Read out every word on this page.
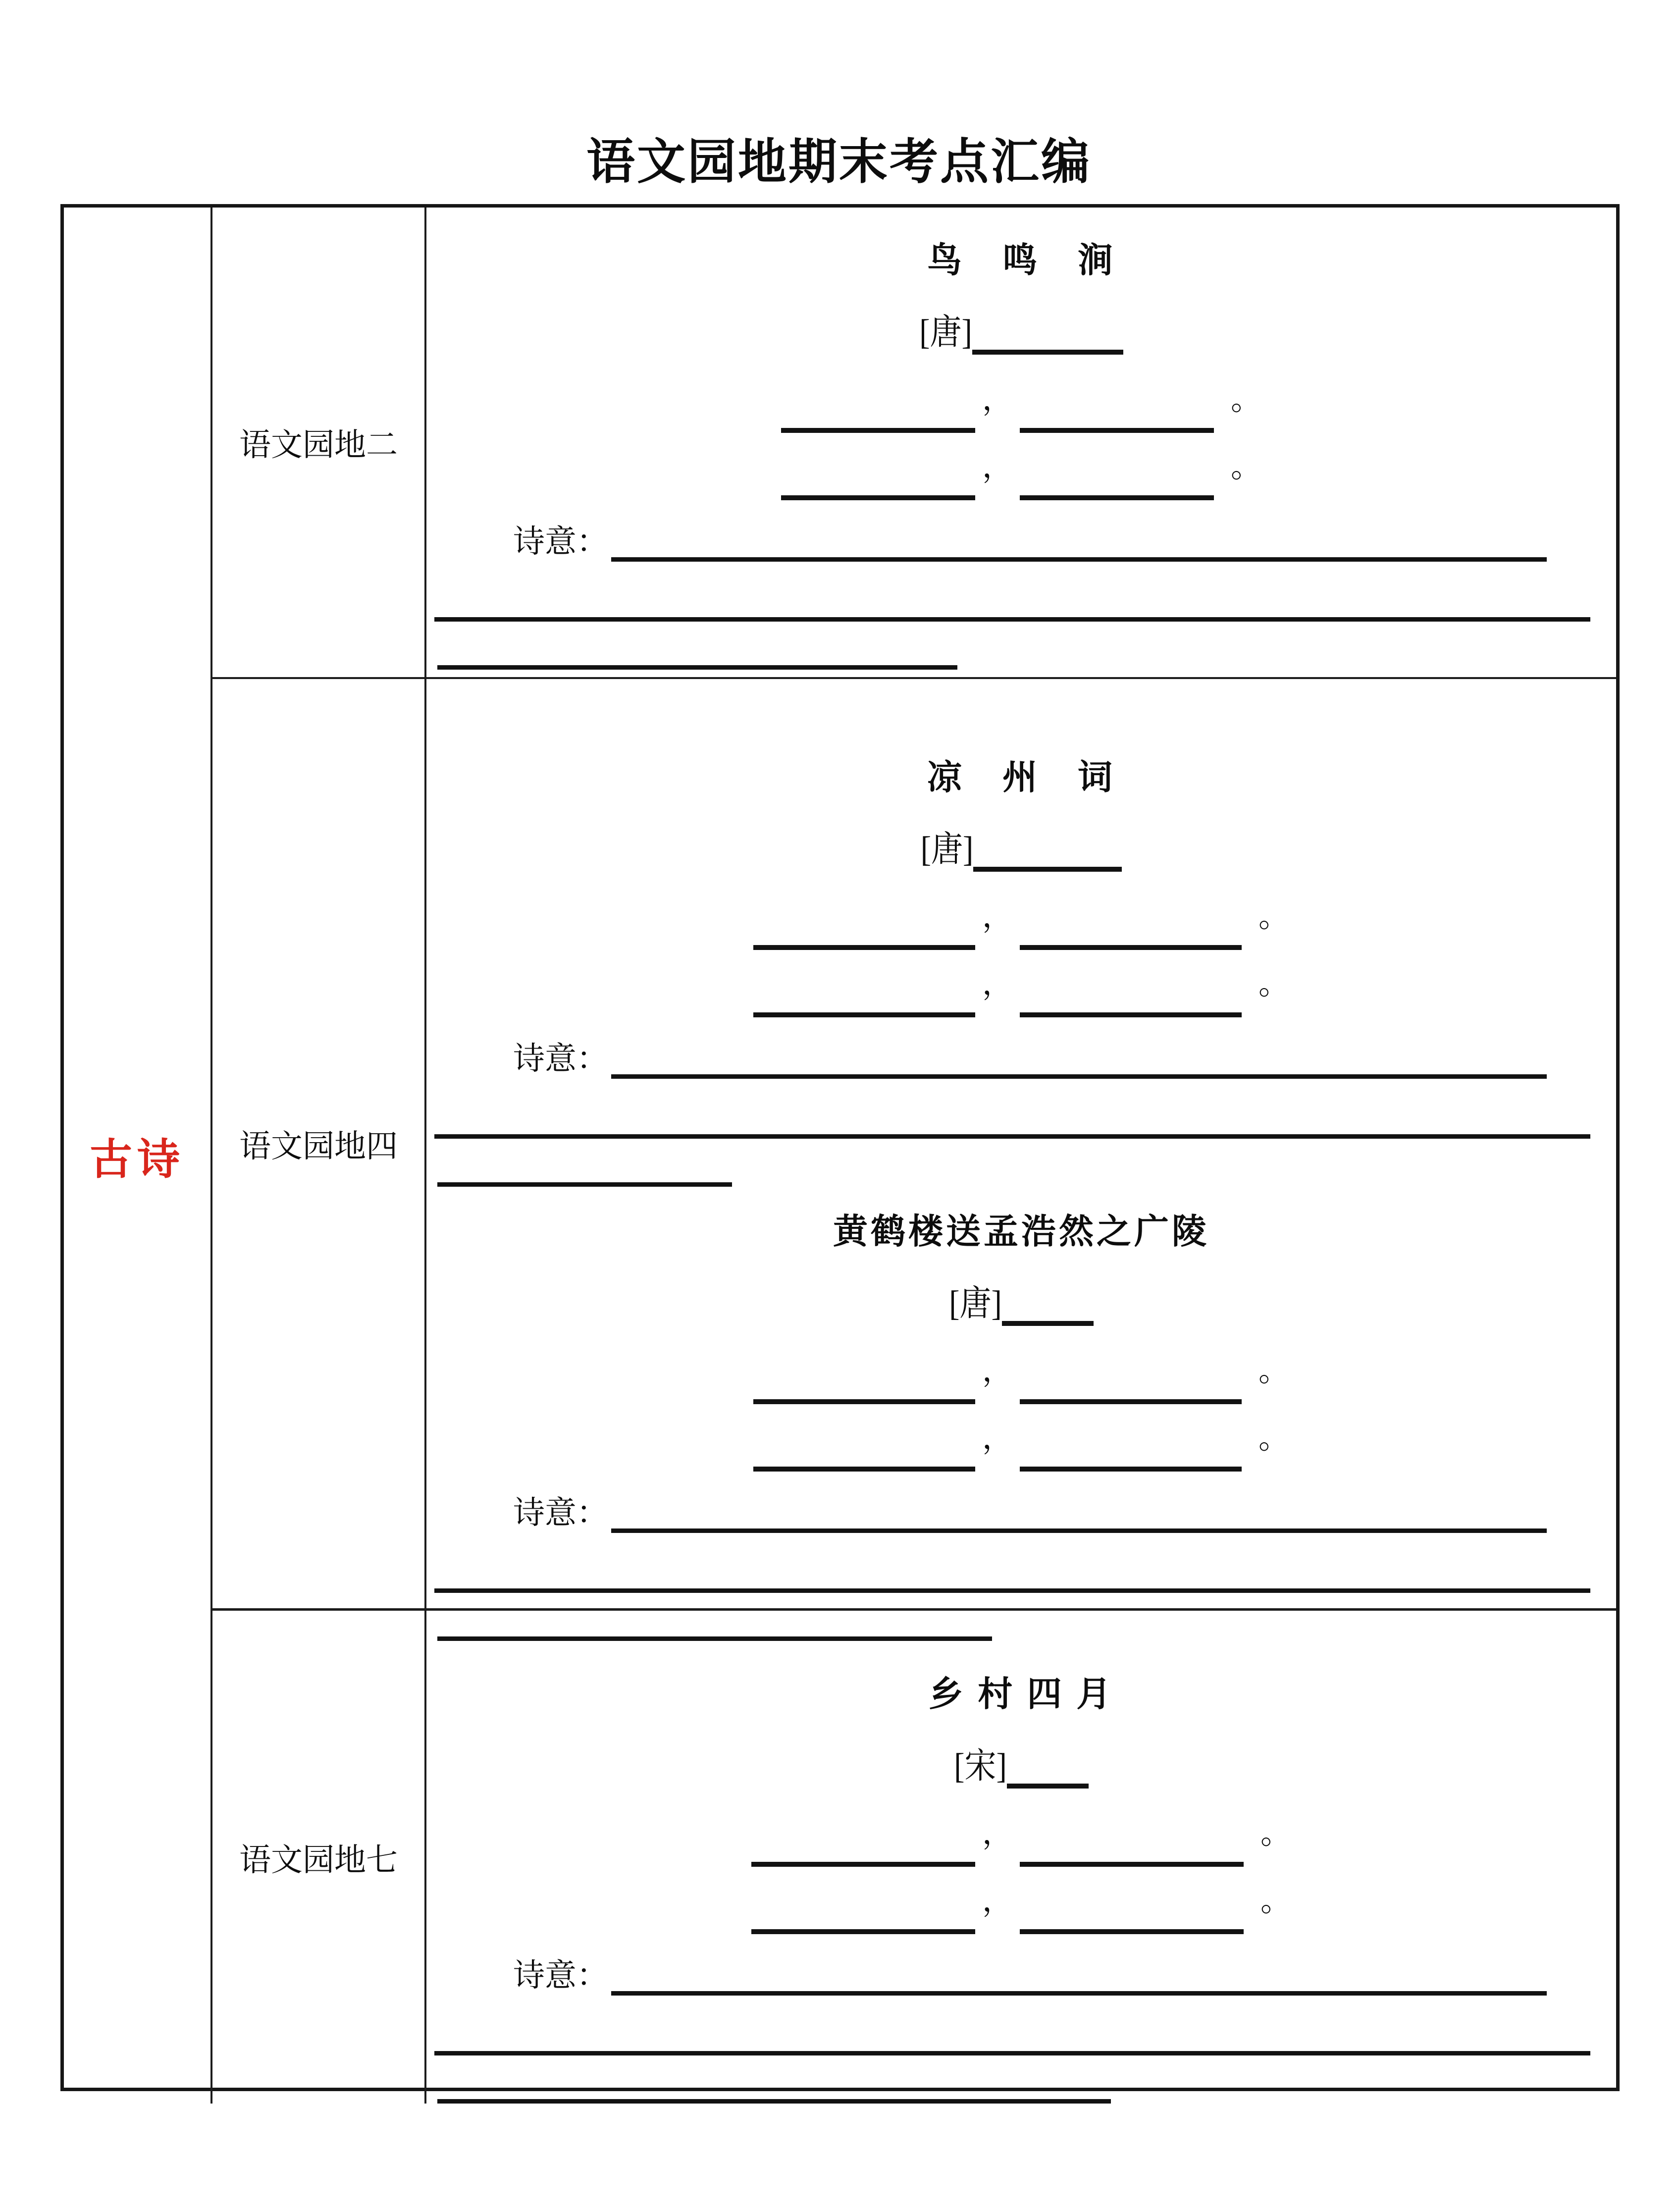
语文园地期末考点汇编
古诗
语文园地二
鸟　鸣　涧
[唐]
，	。
，	。
诗意：
语文园地四
凉　州　词
[唐]
，	。
，	。
诗意：
黄鹤楼送孟浩然之广陵
[唐]
，	。
，	。
诗意：
语文园地七
乡 村 四 月
[宋]
，	。
，	。
诗意：
